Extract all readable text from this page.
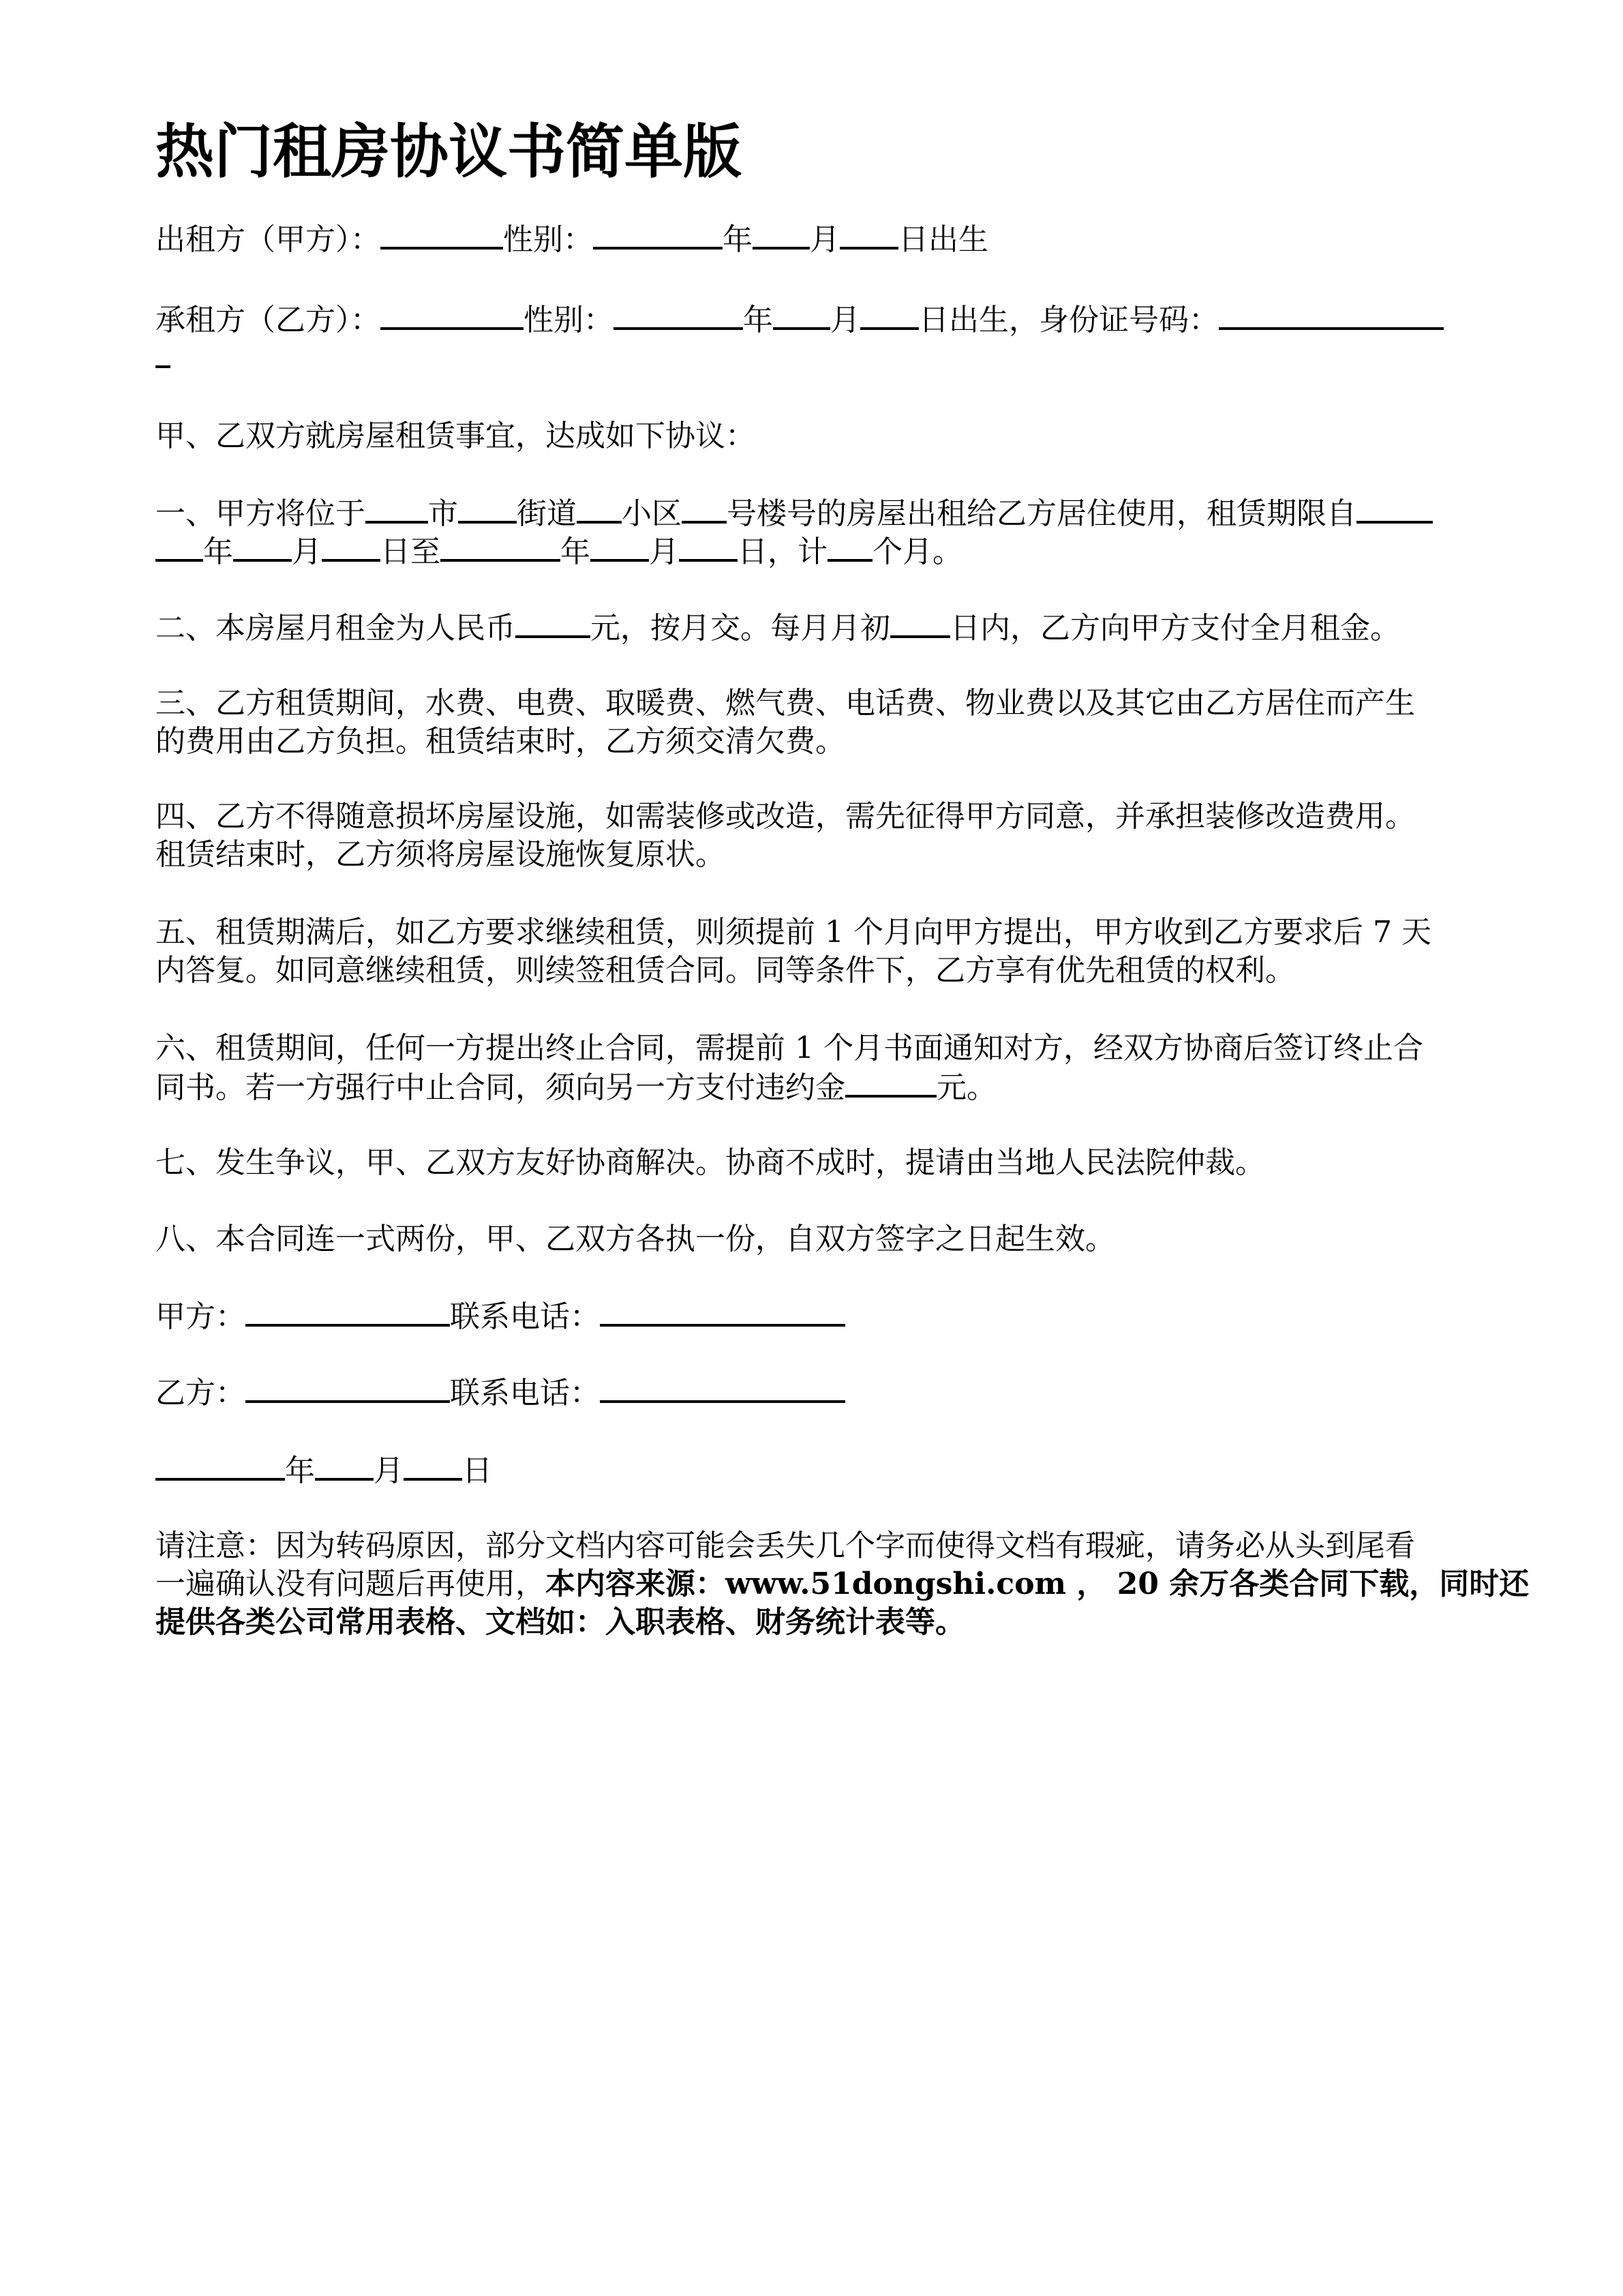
热门租房协议书简单版
出租方（甲方）：	性别：	年 月 日出生
承租方（乙方）：	性别：	年 月 日出生，身份证号码：
甲、乙双方就房屋租赁事宜，达成如下协议：
一、甲方将位于 市 街道 小区 号楼号的房屋出租给乙方居住使用，租赁期限自
年 月 日至	年 月 日，计 个月。
二、本房屋月租金为人民币	元，按月交。每月月初 日内，乙方向甲方支付全月租金。
三、乙方租赁期间，水费、电费、取暖费、燃气费、电话费、物业费以及其它由乙方居住而产生
的费用由乙方负担。租赁结束时，乙方须交清欠费。
四、乙方不得随意损坏房屋设施，如需装修或改造，需先征得甲方同意，并承担装修改造费用。
租赁结束时，乙方须将房屋设施恢复原状。
五、租赁期满后，如乙方要求继续租赁，则须提前 1 个月向甲方提出，甲方收到乙方要求后 7 天
内答复。如同意继续租赁，则续签租赁合同。同等条件下，乙方享有优先租赁的权利。
六、租赁期间，任何一方提出终止合同，需提前 1 个月书面通知对方，经双方协商后签订终止合
同书。若一方强行中止合同，须向另一方支付违约金	元。
七、发生争议，甲、乙双方友好协商解决。协商不成时，提请由当地人民法院仲裁。
八、本合同连一式两份，甲、乙双方各执一份，自双方签字之日起生效。
甲方：	联系电话：
乙方：	联系电话：
年 月 日
请注意：因为转码原因，部分文档内容可能会丢失几个字而使得文档有瑕疵，请务必从头到尾看
一遍确认没有问题后再使用，本内容来源：www.51dongshi.com ， 20 余万各类合同下载，同时还
提供各类公司常用表格、文档如：入职表格、财务统计表等。
